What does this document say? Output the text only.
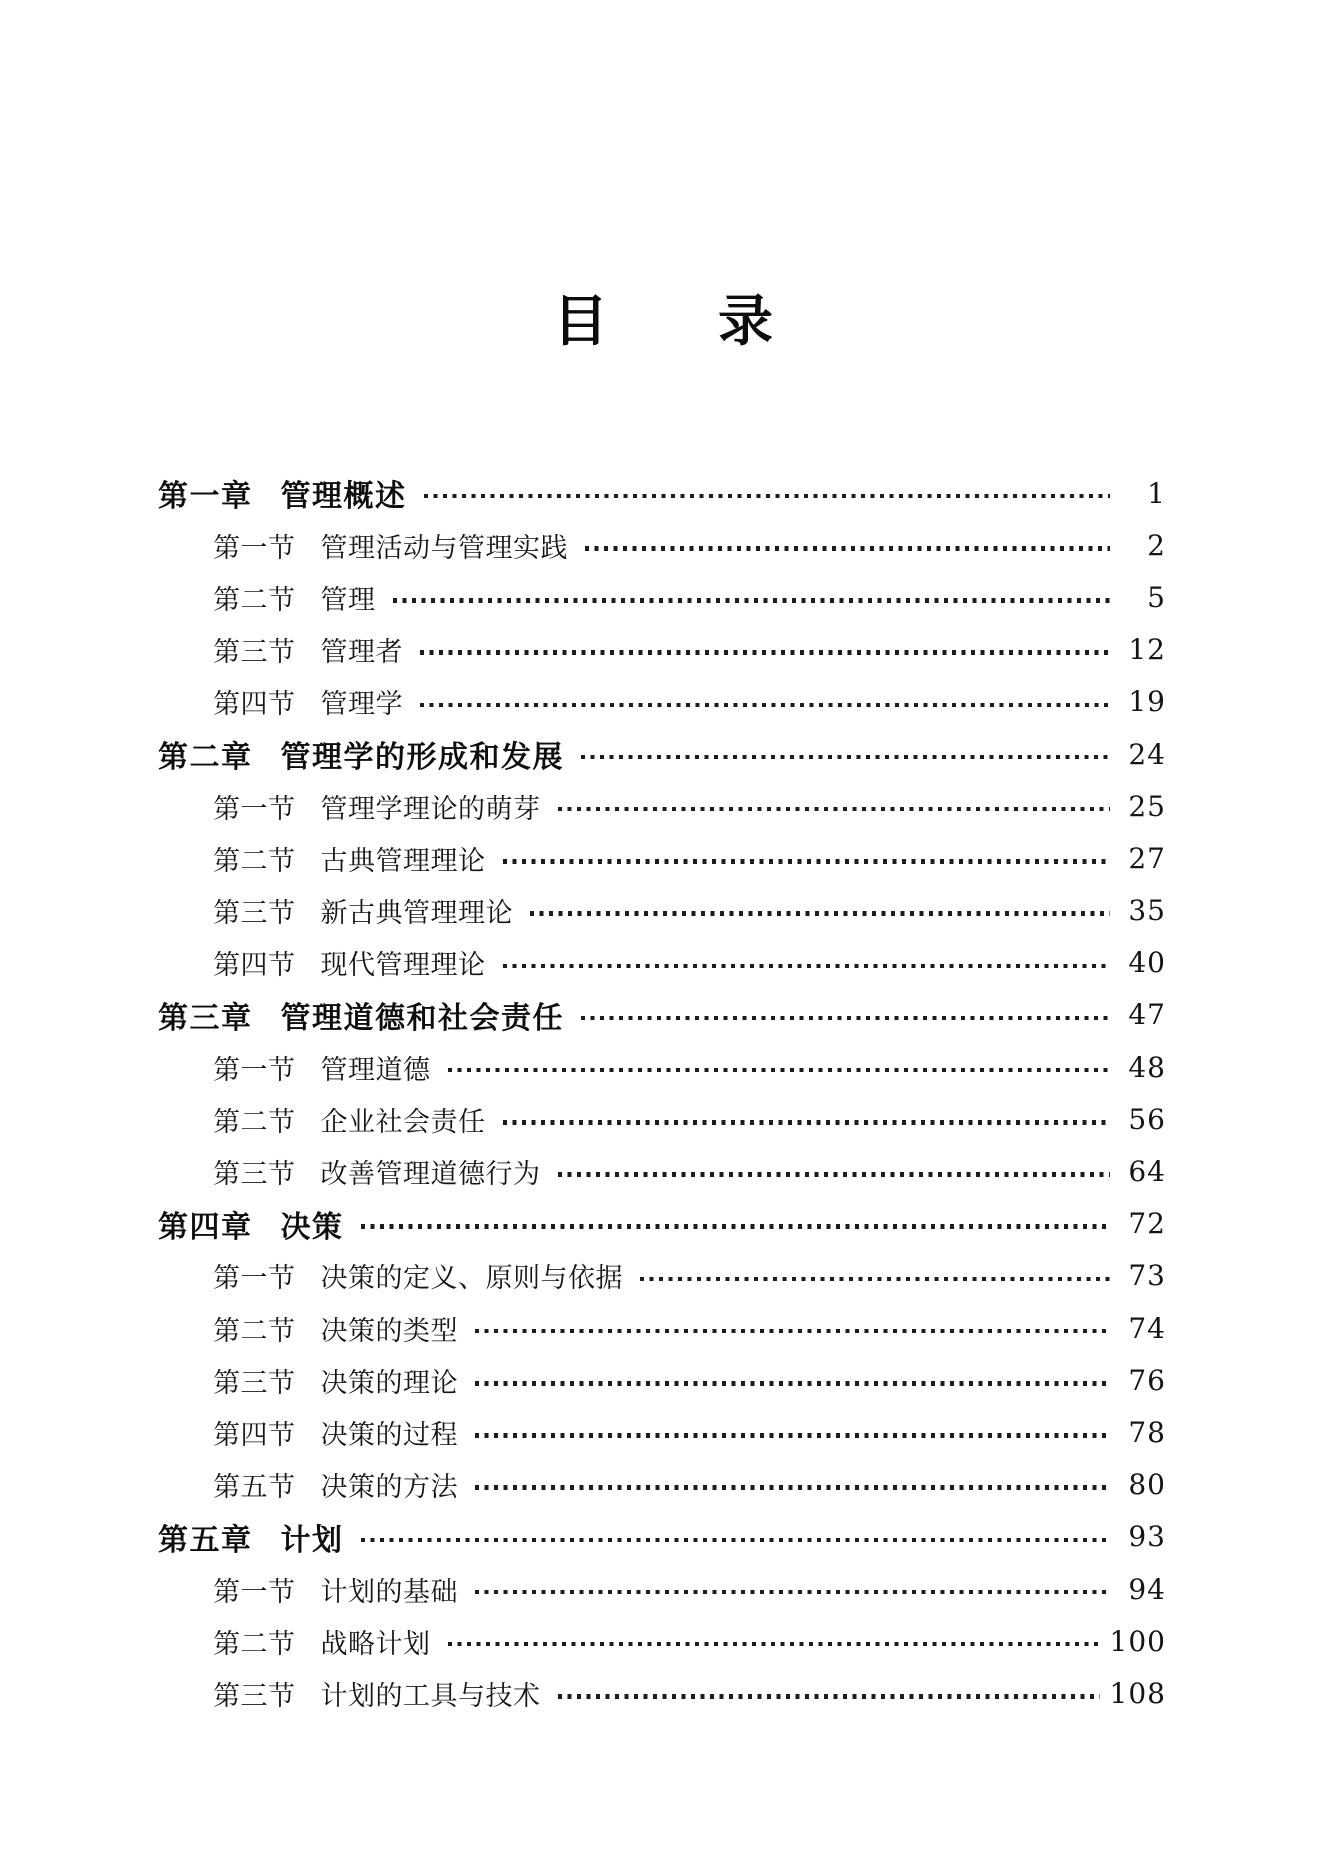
目　　录
第一章 管理概述	1
第一节 管理活动与管理实践	2
第二节 管理	5
第三节 管理者	12
第四节 管理学	19
第二章 管理学的形成和发展	24
第一节 管理学理论的萌芽	25
第二节 古典管理理论	27
第三节 新古典管理理论	35
第四节 现代管理理论	40
第三章 管理道德和社会责任	47
第一节 管理道德	48
第二节 企业社会责任	56
第三节 改善管理道德行为	64
第四章 决策	72
第一节 决策的定义、原则与依据	73
第二节 决策的类型	74
第三节 决策的理论	76
第四节 决策的过程	78
第五节 决策的方法	80
第五章 计划	93
第一节 计划的基础	94
第二节 战略计划	100
第三节 计划的工具与技术	108
